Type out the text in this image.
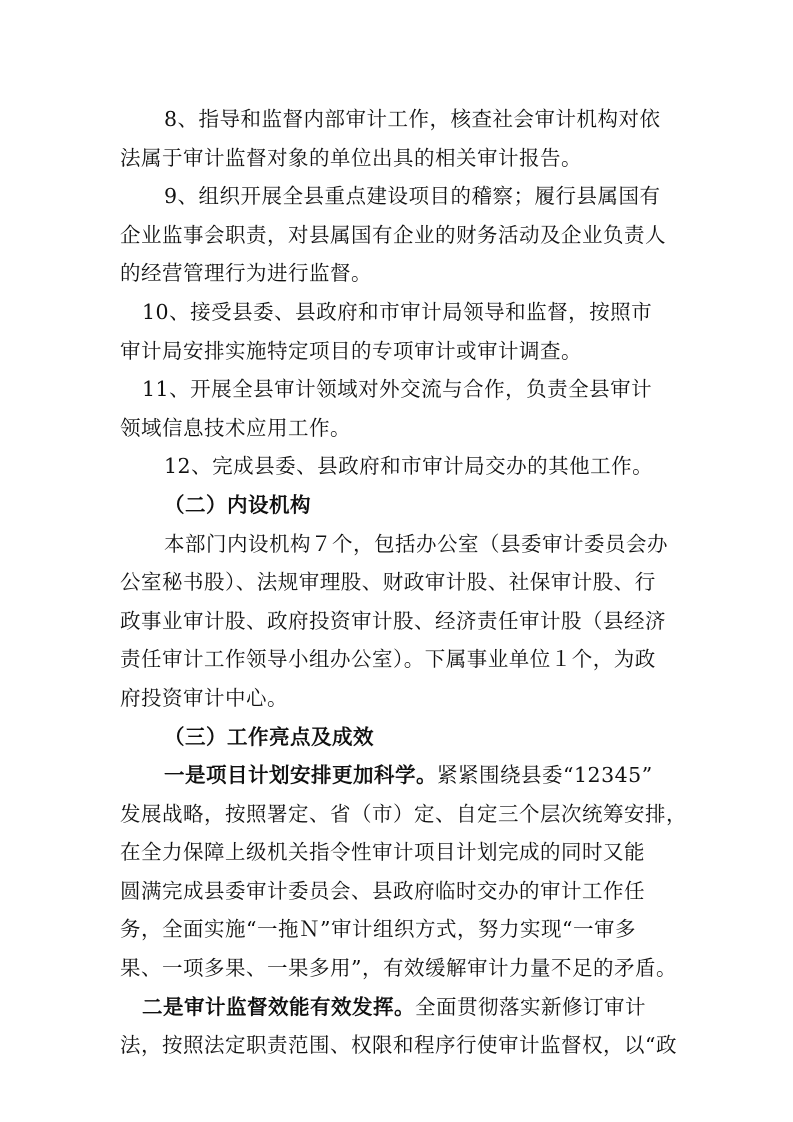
8、指导和监督内部审计工作，核查社会审计机构对依
法属于审计监督对象的单位出具的相关审计报告。

9、组织开展全县重点建设项目的稽察；履行县属国有
企业监事会职责，对县属国有企业的财务活动及企业负责人
的经营管理行为进行监督。

10、接受县委、县政府和市审计局领导和监督，按照市
审计局安排实施特定项目的专项审计或审计调查。

11、开展全县审计领域对外交流与合作，负责全县审计
领域信息技术应用工作。

12、完成县委、县政府和市审计局交办的其他工作。

（二）内设机构

本部门内设机构７个，包括办公室（县委审计委员会办
公室秘书股）、法规审理股、财政审计股、社保审计股、行
政事业审计股、政府投资审计股、经济责任审计股（县经济
责任审计工作领导小组办公室）。下属事业单位１个，为政
府投资审计中心。

（三）工作亮点及成效

一是项目计划安排更加科学。紧紧围绕县委“12345”
发展战略，按照署定、省（市）定、自定三个层次统筹安排，
在全力保障上级机关指令性审计项目计划完成的同时又能
圆满完成县委审计委员会、县政府临时交办的审计工作任
务，全面实施“一拖Ｎ”审计组织方式，努力实现“一审多
果、一项多果、一果多用”，有效缓解审计力量不足的矛盾。

二是审计监督效能有效发挥。全面贯彻落实新修订审计
法，按照法定职责范围、权限和程序行使审计监督权，以“政
